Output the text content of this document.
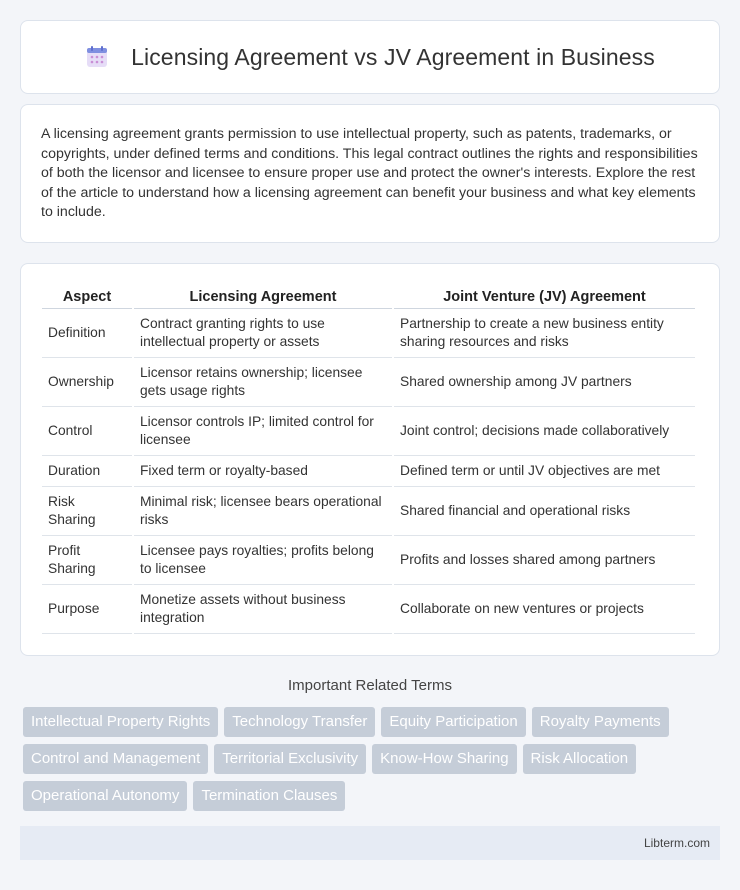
Licensing Agreement vs JV Agreement in Business

A licensing agreement grants permission to use intellectual property, such as patents, trademarks, or copyrights, under defined terms and conditions. This legal contract outlines the rights and responsibilities of both the licensor and licensee to ensure proper use and protect the owner's interests. Explore the rest of the article to understand how a licensing agreement can benefit your business and what key elements to include.

Aspect	Licensing Agreement	Joint Venture (JV) Agreement
Definition	Contract granting rights to use intellectual property or assets	Partnership to create a new business entity sharing resources and risks
Ownership	Licensor retains ownership; licensee gets usage rights	Shared ownership among JV partners
Control	Licensor controls IP; limited control for licensee	Joint control; decisions made collaboratively
Duration	Fixed term or royalty-based	Defined term or until JV objectives are met
Risk Sharing	Minimal risk; licensee bears operational risks	Shared financial and operational risks
Profit Sharing	Licensee pays royalties; profits belong to licensee	Profits and losses shared among partners
Purpose	Monetize assets without business integration	Collaborate on new ventures or projects
Important Related Terms
Intellectual Property Rights	Technology Transfer	Equity Participation	Royalty Payments
Control and Management	Territorial Exclusivity	Know-How Sharing	Risk Allocation
Operational Autonomy	Termination Clauses
Libterm.com
